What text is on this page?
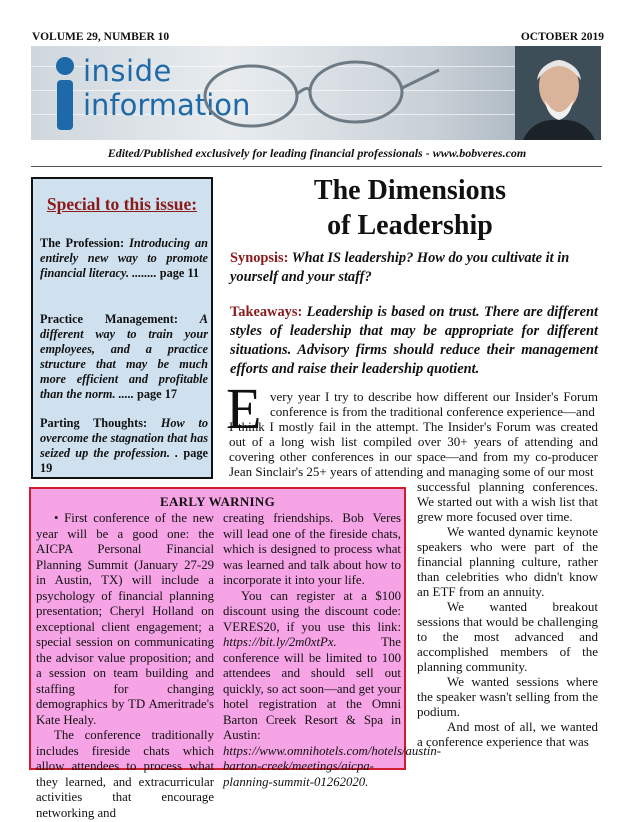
VOLUME 29, NUMBER 10	OCTOBER 2019
inside
information
Edited/Published exclusively for leading financial professionals - www.bobveres.com
Special to this issue:
The Profession: Introducing an entirely new way to promote financial literacy. ........ page 11
Practice Management: A different way to train your employees, and a practice structure that may be much more efficient and profitable than the norm. ..... page 17
Parting Thoughts: How to overcome the stagnation that has seized up the profession. . page 19
The Dimensions
of Leadership
Synopsis: What IS leadership? How do you cultivate it in yourself and your staff?
Takeaways: Leadership is based on trust. There are different styles of leadership that may be appropriate for different situations. Advisory firms should reduce their management efforts and raise their leadership quotient.
E very year I try to describe how different our Insider's Forum conference is from the traditional conference experience—and
I think I mostly fail in the attempt. The Insider's Forum was created out of a long wish list compiled over 30+ years of attending and covering other conferences in our space—and from my co-producer Jean Sinclair's 25+ years of attending and managing some of our most

successful planning conferences. We started out with a wish list that grew more focused over time.

We wanted dynamic keynote speakers who were part of the financial planning culture, rather than celebrities who didn't know an ETF from an annuity.

We wanted breakout sessions that would be challenging to the most advanced and accomplished members of the planning community.

We wanted sessions where the speaker wasn't selling from the podium.

And most of all, we wanted a conference experience that was

EARLY WARNING

• First conference of the new year will be a good one: the AICPA Personal Financial Planning Summit (January 27-29 in Austin, TX) will include a psychology of financial planning presentation; Cheryl Holland on exceptional client engagement; a special session on communicating the advisor value proposition; and a session on team building and staffing for changing demographics by TD Ameritrade's Kate Healy.

The conference traditionally includes fireside chats which allow attendees to process what they learned, and extracurricular activities that encourage networking and

creating friendships. Bob Veres will lead one of the fireside chats, which is designed to process what was learned and talk about how to incorporate it into your life.

You can register at a $100 discount using the discount code: VERES20, if you use this link: https://bit.ly/2m0xtPx. The conference will be limited to 100 attendees and should sell out quickly, so act soon—and get your hotel registration at the Omni Barton Creek Resort & Spa in Austin: https://www.omnihotels.com/hotels/austin-barton-creek/meetings/aicpa-planning-summit-01262020.
